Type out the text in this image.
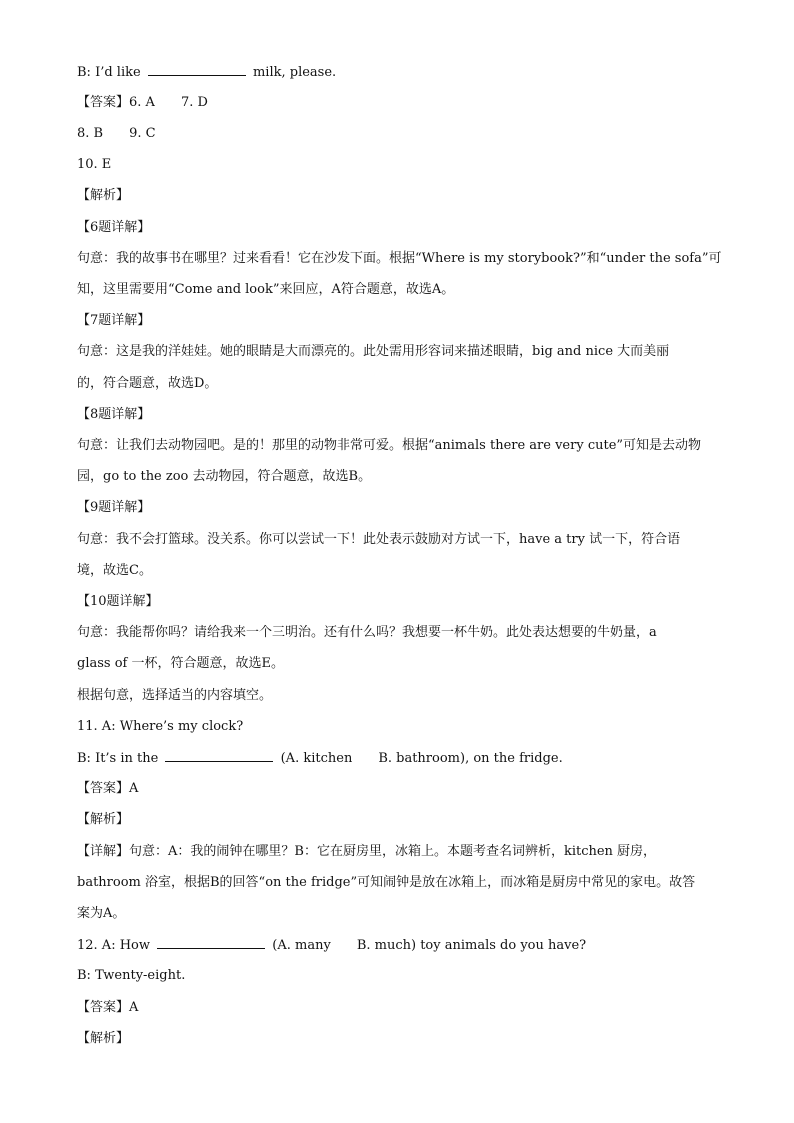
B: I’d like	milk, please.
【答案】6. A 7. D
8. B 9. C
10. E
【解析】
【6题详解】
句意：我的故事书在哪里？过来看看！它在沙发下面。根据“Where is my storybook?”和“under the sofa”可
知，这里需要用“Come and look”来回应，A符合题意，故选A。
【7题详解】
句意：这是我的洋娃娃。她的眼睛是大而漂亮的。此处需用形容词来描述眼睛，big and nice 大而美丽
的，符合题意，故选D。
【8题详解】
句意：让我们去动物园吧。是的！那里的动物非常可爱。根据“animals there are very cute”可知是去动物
园，go to the zoo 去动物园，符合题意，故选B。
【9题详解】
句意：我不会打篮球。没关系。你可以尝试一下！此处表示鼓励对方试一下，have a try 试一下，符合语
境，故选C。
【10题详解】
句意：我能帮你吗？请给我来一个三明治。还有什么吗？我想要一杯牛奶。此处表达想要的牛奶量，a
glass of 一杯，符合题意，故选E。
根据句意，选择适当的内容填空。
11. A: Where’s my clock?
B: It’s in the	(A. kitchen B. bathroom), on the fridge.
【答案】A
【解析】
【详解】句意：A：我的闹钟在哪里？B：它在厨房里，冰箱上。本题考查名词辨析，kitchen 厨房，
bathroom 浴室，根据B的回答“on the fridge”可知闹钟是放在冰箱上，而冰箱是厨房中常见的家电。故答
案为A。
12. A: How	(A. many B. much) toy animals do you have?
B: Twenty-eight.
【答案】A
【解析】
